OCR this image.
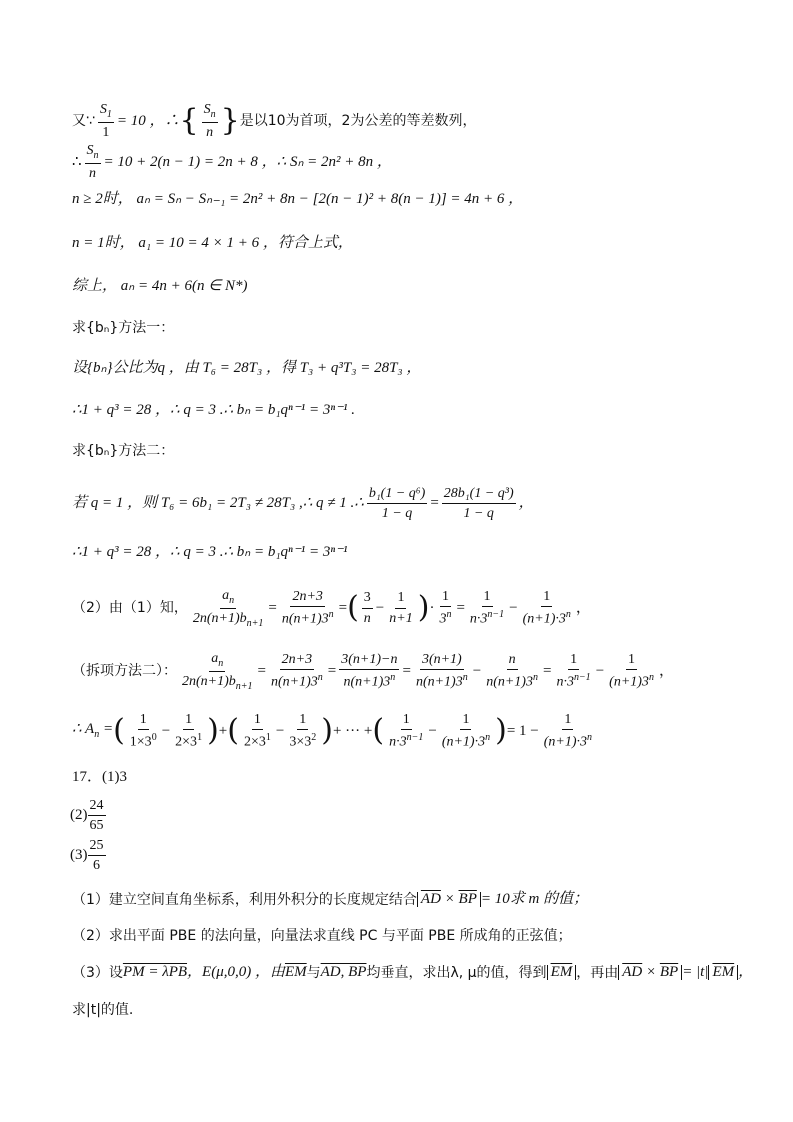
又∵ $\frac{S_1}{1} = 10$ ，∴ { $\frac{S_n}{n}$ } 是以10为首项，2为公差的等差数列，
∴ $\frac{S_n}{n} = 10 + 2(n - 1) = 2n + 8$ ，∴ Sₙ = 2n² + 8n ，
n ≥ 2时， aₙ = Sₙ − Sₙ₋₁ = 2n² + 8n − [2(n − 1)² + 8(n − 1)] = 4n + 6 ，
n = 1时， a₁ = 10 = 4 × 1 + 6 ，符合上式，
综上， aₙ = 4n + 6(n ∈ N*)
求{bₙ}方法一：
设{bₙ}公比为q ，由 T₆ = 28T₃ ，得 T₃ + q³T₃ = 28T₃ ，
∴1 + q³ = 28 ，∴ q = 3 .∴ bₙ = b₁qⁿ⁻¹ = 3ⁿ⁻¹ .
求{bₙ}方法二：
若 q = 1 ，则 T₆ = 6b₁ = 2T₃ ≠ 28T₃ ,∴ q ≠ 1 .∴ $\frac{\text{b₁(1 − q⁶)}}{1 - q} = \frac{\text{28b₁(1 − q³)}}{1 - q}$ ，
∴1 + q³ = 28 ，∴ q = 3 .∴ bₙ = b₁qⁿ⁻¹ = 3ⁿ⁻¹
（2）由（1）知， $\frac{a_n}{2n(n+1)b_{n+1}} = \frac{2n+3}{n(n+1)3^n}$ = ( $\frac{3}{n} - \frac{1}{n+1}$ ) · $\frac{1}{3^n} = \frac{1}{n\cdot 3^{n-1}} - \frac{1}{(n+1)\cdot 3^n}$ ，
（拆项方法二）： $\frac{a_n}{2n(n+1)b_{n+1}} = \frac{2n+3}{n(n+1)3^n} = \frac{3(n+1)-n}{n(n+1)3^n} = \frac{3(n+1)}{n(n+1)3^n} - \frac{n}{n(n+1)3^n} = \frac{1}{n\cdot 3^{n-1}} - \frac{1}{(n+1)3^n}$ ，
∴ $A_n$ = ( $\frac{1}{1\times 3^0} - \frac{1}{2\times 3^1}$ ) + ( $\frac{1}{2\times 3^1} - \frac{1}{3\times 3^2}$ ) + ··· + ( $\frac{1}{n\cdot 3^{n-1}} - \frac{1}{(n+1)\cdot 3^n}$ ) = $1 - \frac{1}{(n+1)\cdot 3^n}$
17．(1)3
$(2) \frac{24}{65}$
$(3) \frac{25}{6}$
（1）建立空间直角坐标系，利用外积分的长度规定结合 $\overline{AD} \times \overline{BP} = 10$求 m 的值；
（2）求出平面 PBE 的法向量，向量法求直线 PC 与平面 PBE 所成角的正弦值；
（3）设 PM = λPB ，E(μ,0,0) ，由 $\overline{EM}$ 与 AD, BP 均垂直，求出λ, μ的值，得到 $\overline{EM}$ ，再由 $\overline{AD} \times \overline{BP} = |t|$ $\overline{EM}$ ，
求|t|的值.
